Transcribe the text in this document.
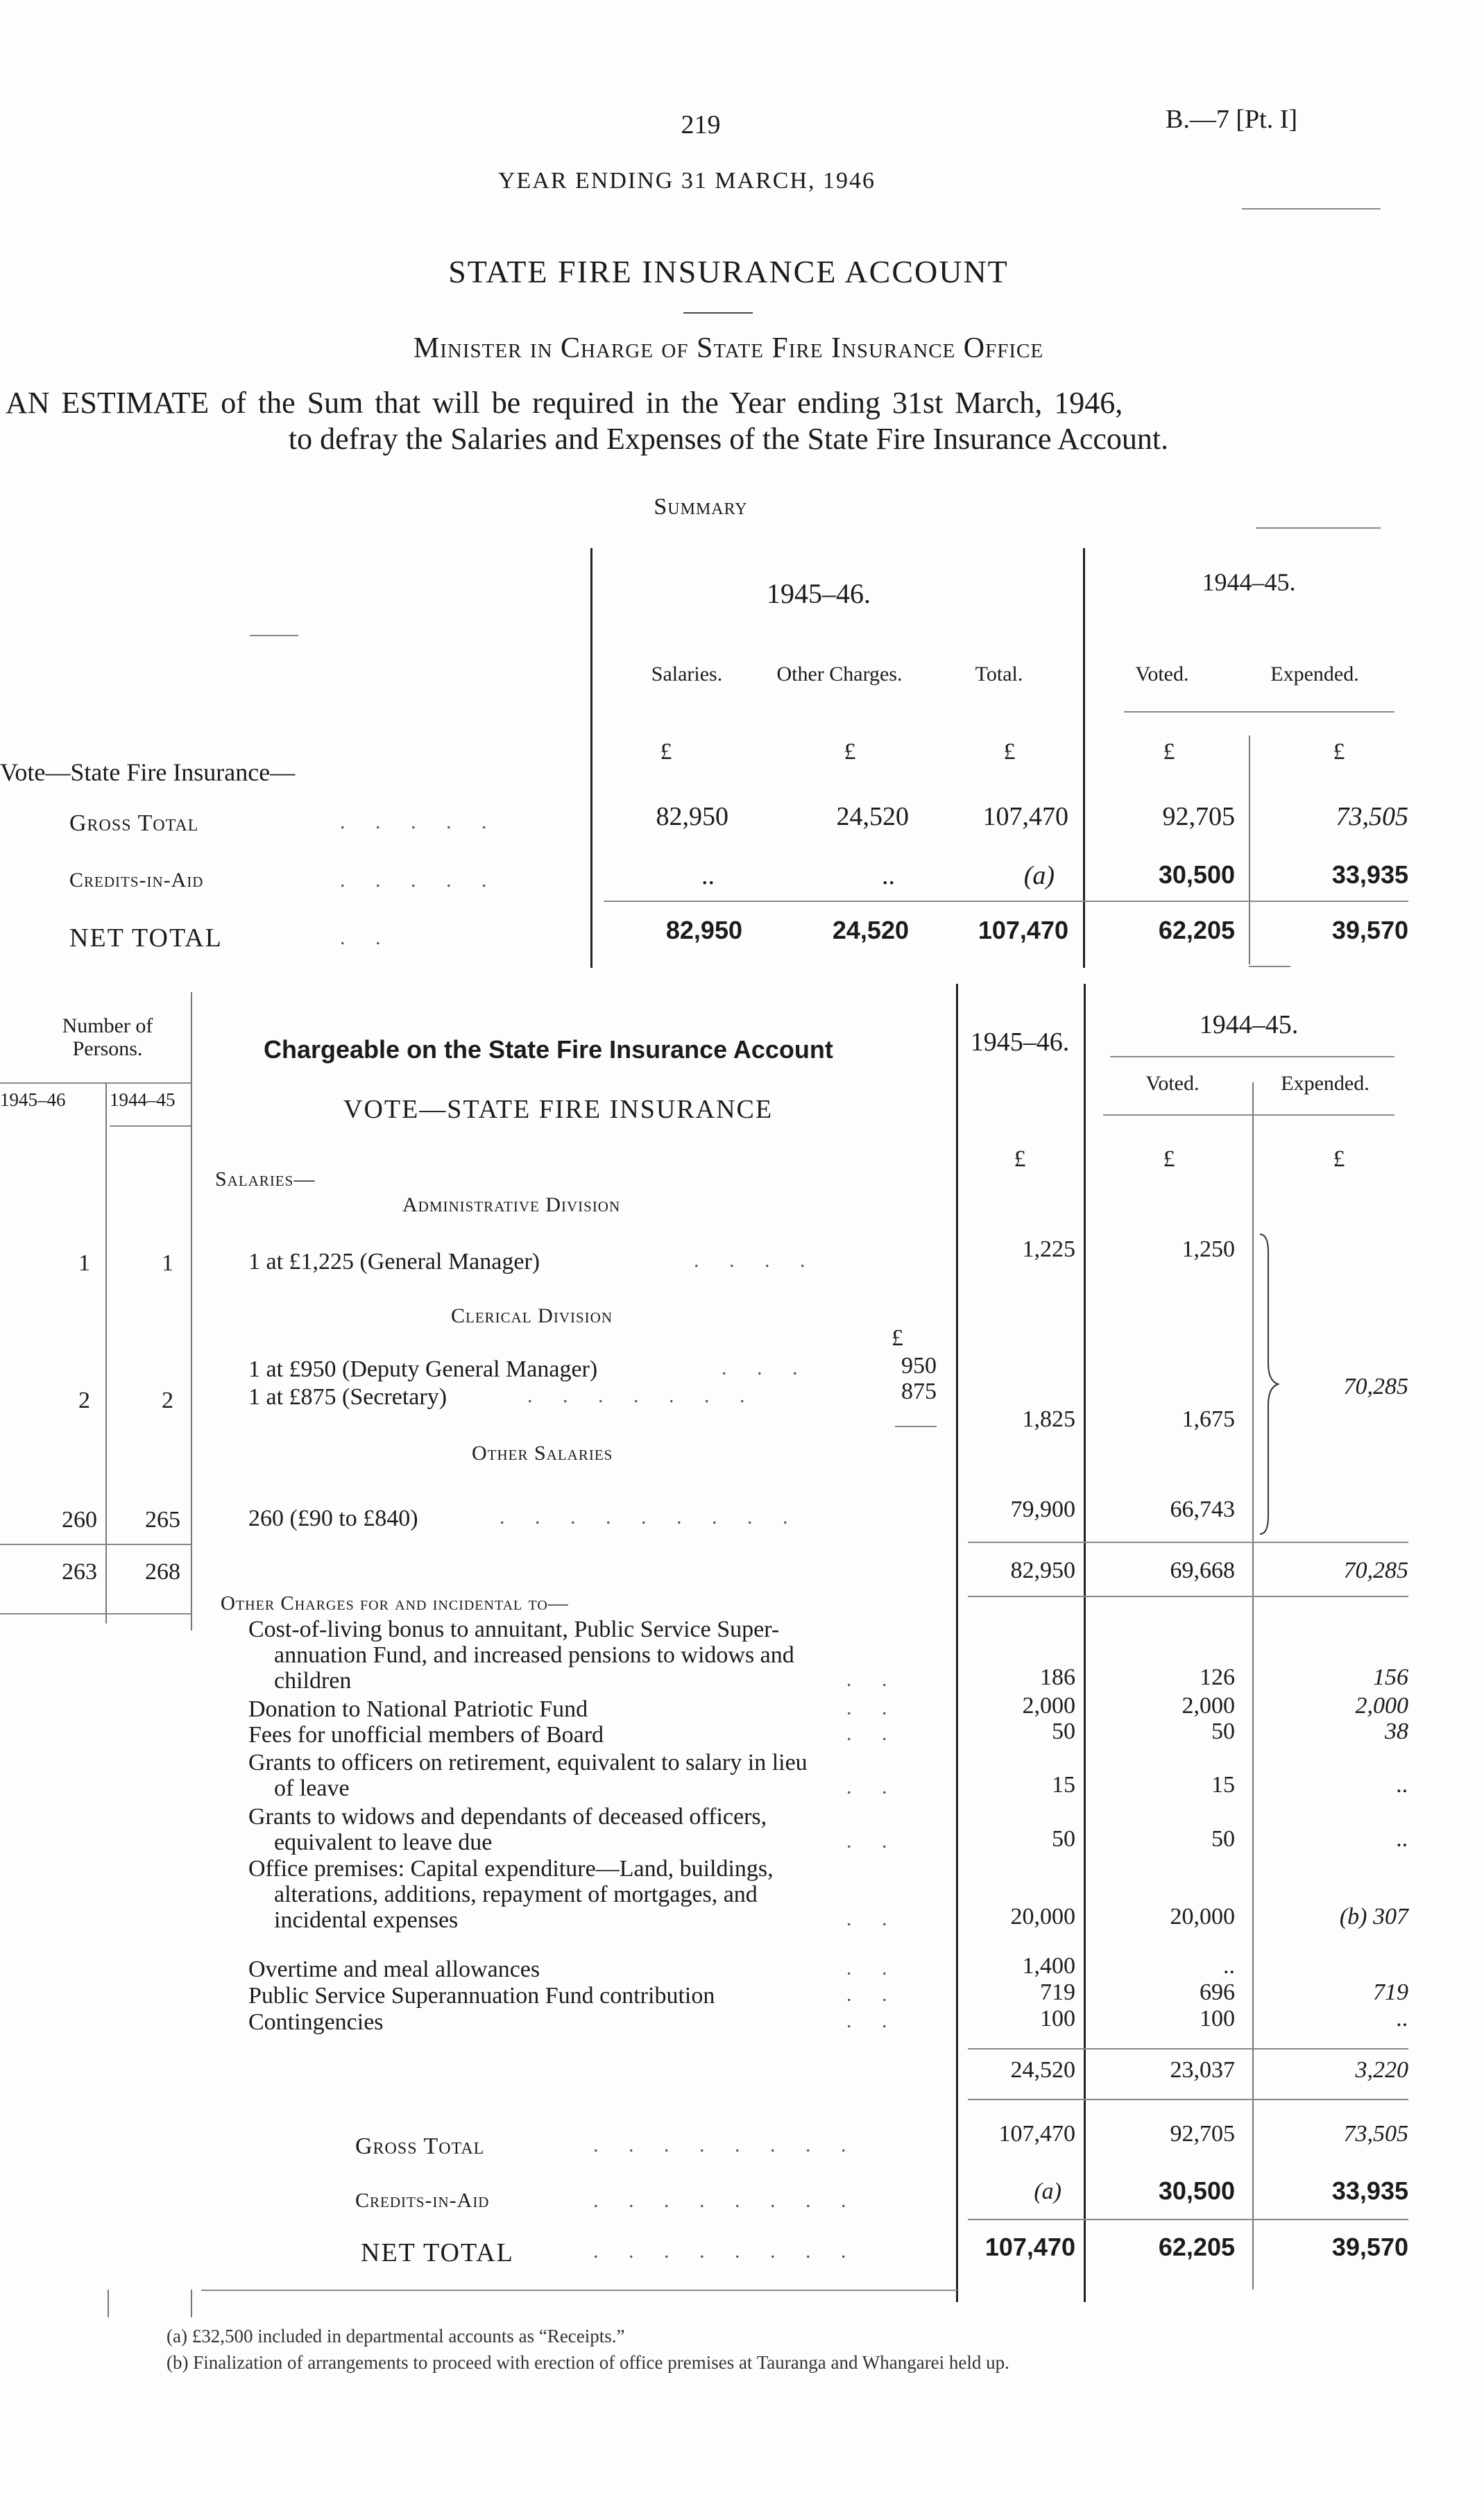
219	B.—7 [Pt. I]
YEAR ENDING 31 MARCH, 1946
STATE FIRE INSURANCE ACCOUNT
Minister in Charge of State Fire Insurance Office
AN ESTIMATE of the Sum that will be required in the Year ending 31st March, 1946,
to defray the Salaries and Expenses of the State Fire Insurance Account.
Summary
1945–46.	1944–45.
Salaries.	Other Charges.	Total.	Voted.	Expended.
£	£	£	£	£
Vote—State Fire Insurance—
Gross Total	. . . . .	82,950	24,520	107,470	92,705	73,505
Credits-in-Aid	. . . . .	..	..	(a)	30,500	33,935
NET TOTAL	. .	82,950	24,520	107,470	62,205	39,570
Number of Persons.
1945–46 1944–45
Chargeable on the State Fire Insurance Account
VOTE—STATE FIRE INSURANCE
1945–46.
1944–45.
Voted.	Expended.
£	£	£
Salaries—
Administrative Division
1	1	1 at £1,225 (General Manager)	. . . .	1,225	1,250
Clerical Division
£
1 at £950 (Deputy General Manager)	. . .	950
2	2	1 at £875 (Secretary)	. . . . . . .	875
1,825	1,675
70,285
Other Salaries
260	265	260 (£90 to £840)	. . . . . . . . .	79,900	66,743
263	268	82,950	69,668	70,285
Other Charges for and incidental to—
Cost-of-living bonus to annuitant, Public Service Super-
annuation Fund, and increased pensions to widows and
children	. .	186	126	156
Donation to National Patriotic Fund	. .	2,000	2,000	2,000
Fees for unofficial members of Board	. .	50	50	38
Grants to officers on retirement, equivalent to salary in lieu
of leave	. .	15	15	..
Grants to widows and dependants of deceased officers,
equivalent to leave due	. .	50	50	..
Office premises: Capital expenditure—Land, buildings,
alterations, additions, repayment of mortgages, and
incidental expenses	. .	20,000	20,000	(b) 307
Overtime and meal allowances	. .	1,400	..
Public Service Superannuation Fund contribution	. .	719	696	719
Contingencies	. .	100	100	..
24,520	23,037	3,220
Gross Total	. . . . . . . .	107,470	92,705	73,505
Credits-in-Aid	. . . . . . . .	(a)	30,500	33,935
NET TOTAL	. . . . . . . .	107,470	62,205	39,570
(a) £32,500 included in departmental accounts as “Receipts.”
(b) Finalization of arrangements to proceed with erection of office premises at Tauranga and Whangarei held up.
